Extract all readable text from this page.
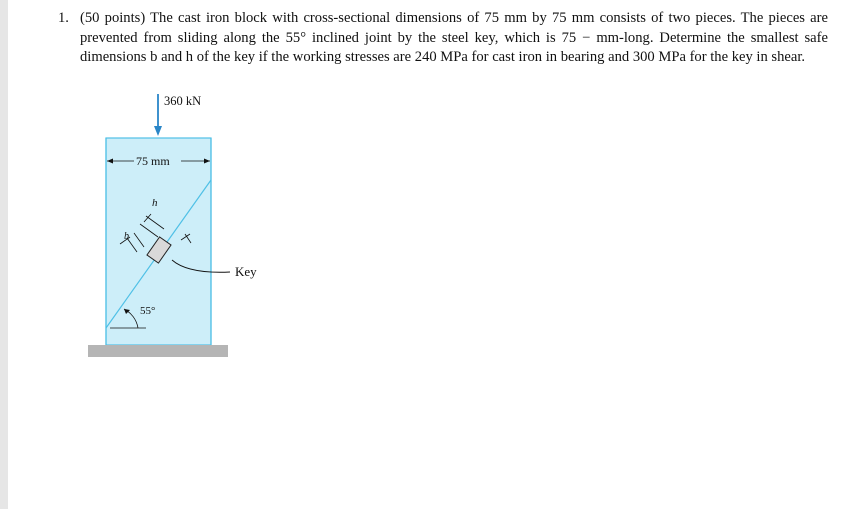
1. (50 points) The cast iron block with cross-sectional dimensions of 75 mm by 75 mm consists of two pieces. The pieces are prevented from sliding along the 55° inclined joint by the steel key, which is 75 − mm-long. Determine the smallest safe dimensions b and h of the key if the working stresses are 240 MPa for cast iron in bearing and 300 MPa for the key in shear.
360 kN
75 mm
h
b
Key
55°
